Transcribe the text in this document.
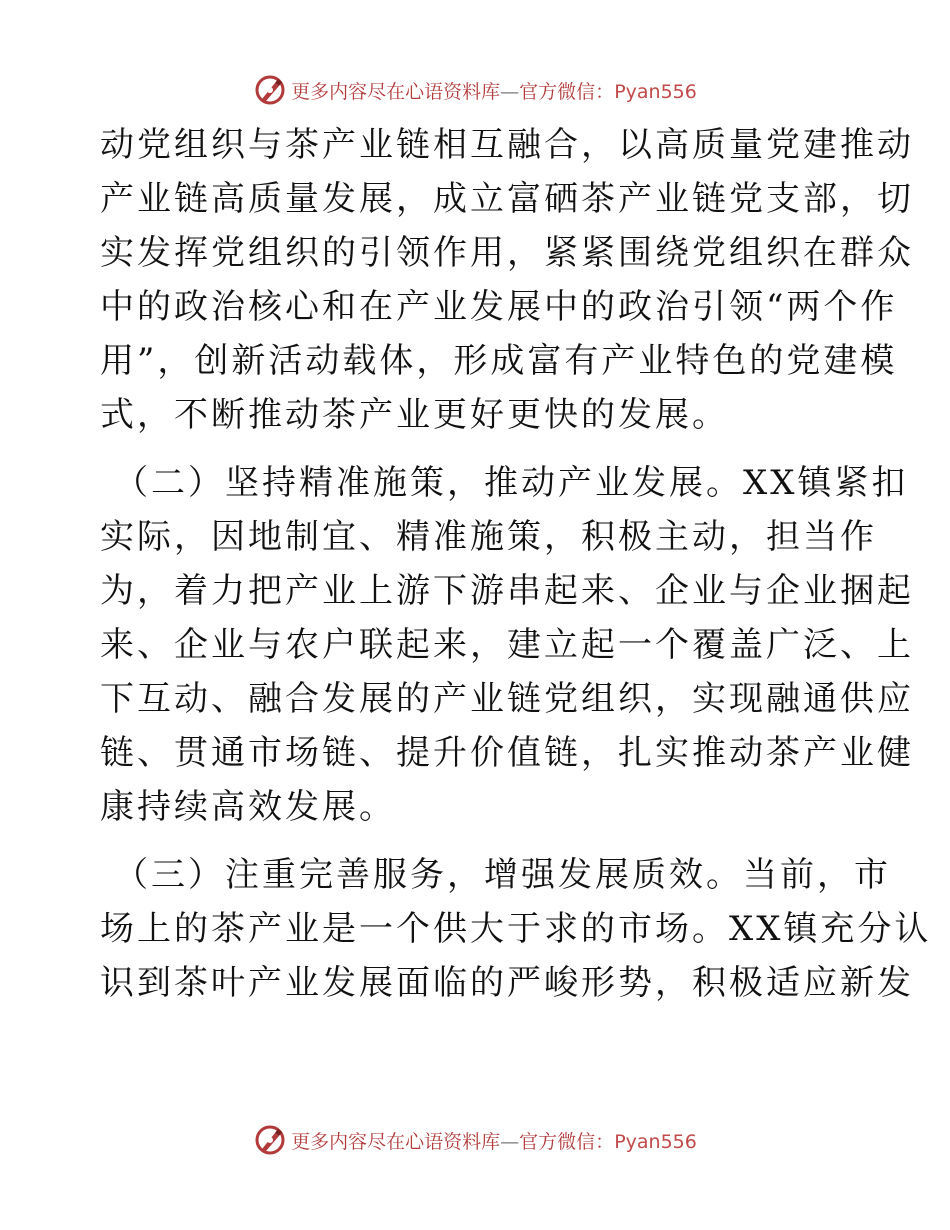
更多内容尽在心语资料库—官方微信：Pyan556
动党组织与茶产业链相互融合，以高质量党建推动
产业链高质量发展，成立富硒茶产业链党支部，切
实发挥党组织的引领作用，紧紧围绕党组织在群众
中的政治核心和在产业发展中的政治引领“两个作
用”，创新活动载体，形成富有产业特色的党建模
式，不断推动茶产业更好更快的发展。
（二）坚持精准施策，推动产业发展。XX镇紧扣
实际，因地制宜、精准施策，积极主动，担当作
为，着力把产业上游下游串起来、企业与企业捆起
来、企业与农户联起来，建立起一个覆盖广泛、上
下互动、融合发展的产业链党组织，实现融通供应
链、贯通市场链、提升价值链，扎实推动茶产业健
康持续高效发展。
（三）注重完善服务，增强发展质效。当前，市
场上的茶产业是一个供大于求的市场。XX镇充分认
识到茶叶产业发展面临的严峻形势，积极适应新发
更多内容尽在心语资料库—官方微信：Pyan556
